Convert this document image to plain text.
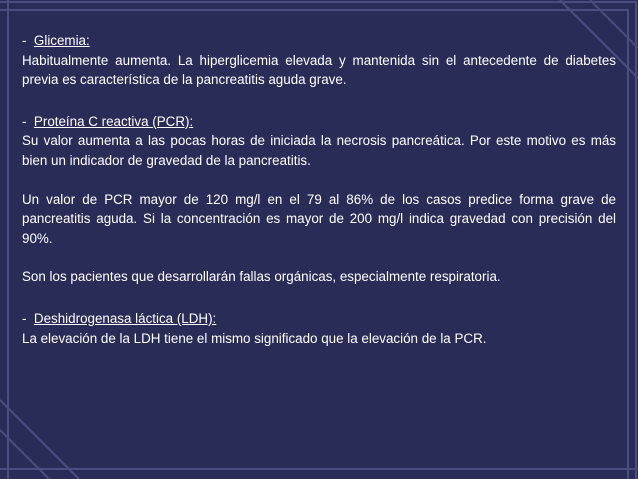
- Glicemia:

Habitualmente aumenta. La hiperglicemia elevada y mantenida sin el antecedente de diabetes previa es característica de la pancreatitis aguda grave.

- Proteína C reactiva (PCR):

Su valor aumenta a las pocas horas de iniciada la necrosis pancreática. Por este motivo es más bien un indicador de gravedad de la pancreatitis.

Un valor de PCR mayor de 120 mg/l en el 79 al 86% de los casos predice forma grave de pancreatitis aguda. Si la concentración es mayor de 200 mg/l indica gravedad con precisión del 90%.

Son los pacientes que desarrollarán fallas orgánicas, especialmente respiratoria.

- Deshidrogenasa láctica (LDH):

La elevación de la LDH tiene el mismo significado que la elevación de la PCR.
